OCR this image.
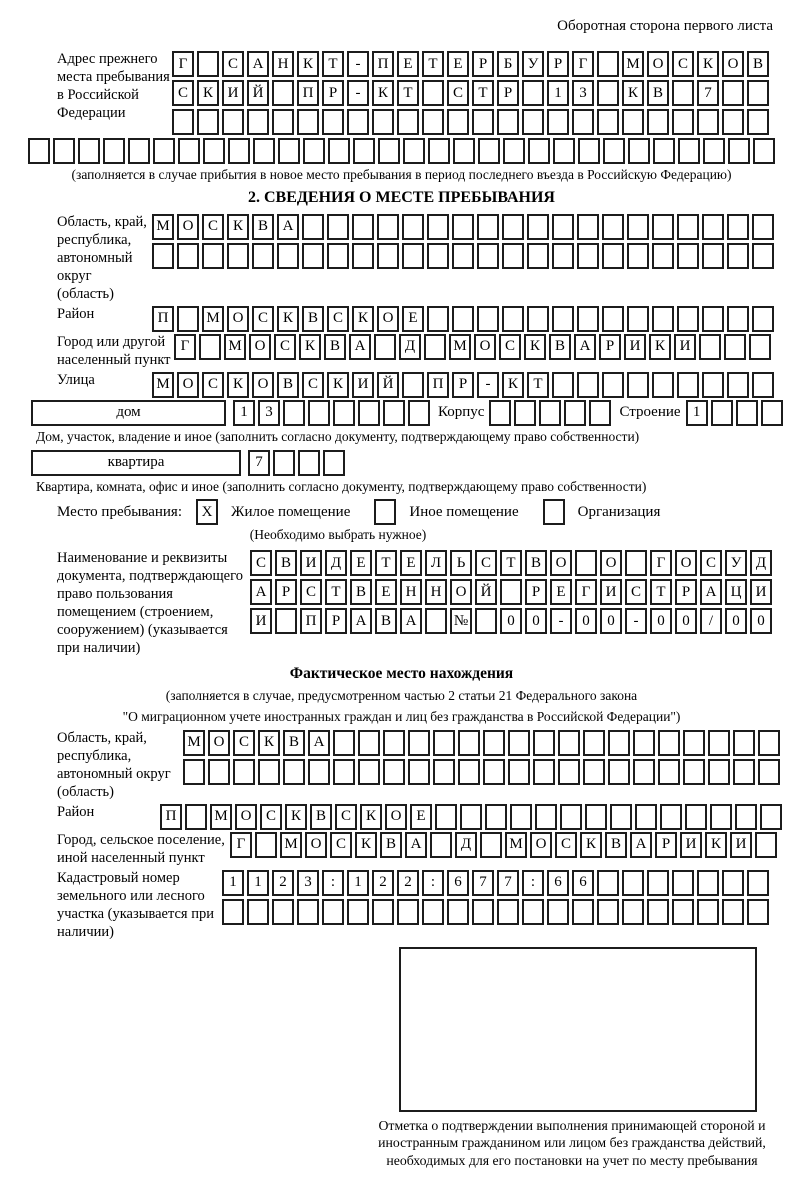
Оборотная сторона первого листа
Адрес прежнего места пребывания в Российской Федерации
Г	С А Н К	Т	-	П Е	Т	Е	Р	Б	У	Р	Г	М О С К О В
С К И Й	П	Р	-	К	Т	С	Т	Р	1	3	К В	7
(заполняется в случае прибытия в новое место пребывания в период последнего въезда в Российскую Федерацию)
2. СВЕДЕНИЯ О МЕСТЕ ПРЕБЫВАНИЯ
Область, край, республика, автономный округ (область)
М О С К В А
Район	П	М О С К В С К О Е
Город или другой населенный пункт
Г	М О С К В А	Д	М О С К В А	Р	И К И
Улица	М О С К О В С К И Й	П	Р	-	К	Т
дом	1	3	Корпус	Строение 1
Дом, участок, владение и иное (заполнить согласно документу, подтверждающему право собственности)
квартира	7
Квартира, комната, офис и иное (заполнить согласно документу, подтверждающему право собственности)
Место пребывания:	X	Жилое помещение	Иное помещение	Организация
(Необходимо выбрать нужное)
Наименование и реквизиты документа, подтверждающего право пользования помещением (строением, сооружением) (указывается при наличии)
С В И Д	Е	Т	Е	Л	Ь	С	Т	В О	О	Г	О С У Д
А	Р	С	Т	В	Е	Н Н О Й	Р	Е	Г	И С	Т	Р	А Ц И
И	П	Р	А В А	№	0	0	-	0	0	-	0	0	/	0	0
Фактическое место нахождения
(заполняется в случае, предусмотренном частью 2 статьи 21 Федерального закона
"О миграционном учете иностранных граждан и лиц без гражданства в Российской Федерации")
Область, край, республика, автономный округ (область)
М О С К В А
Район	П	М О С К В С К О Е
Город, сельское поселение, иной населенный пункт
Г	М О С К В А	Д	М О С К В А	Р	И К И
Кадастровый номер земельного или лесного участка (указывается при наличии)
1	1	2	3	:	1	2	2	:	6	7	7	:	6	6
Отметка о подтверждении выполнения принимающей стороной и иностранным гражданином или лицом без гражданства действий, необходимых для его постановки на учет по месту пребывания
